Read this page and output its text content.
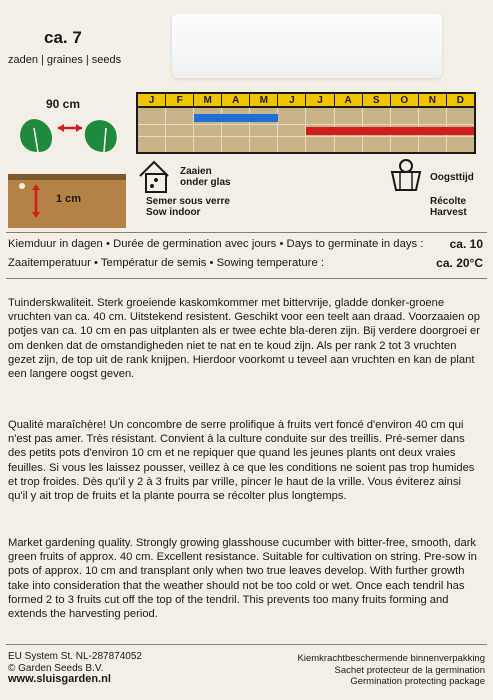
ca. 7
zaden | graines | seeds
90 cm
1 cm
J	F	M	A	M	J	J	A	S	O	N	D
Zaaien
onder glas
Semer sous verre
Sow indoor
Oogsttijd
Récolte
Harvest
Kiemduur in dagen • Durée de germination avec jours • Days to germinate in days : ca. 10
Zaaitemperatuur • Températur de semis • Sowing temperature :	ca. 20°C

Tuinderskwaliteit. Sterk groeiende kaskomkommer met bittervrije, gladde donker-groene vruchten van ca. 40 cm. Uitstekend resistent. Geschikt voor een teelt aan draad. Voorzaaien op potjes van ca. 10 cm en pas uitplanten als er twee echte bla-deren zijn. Bij verdere doorgroei er om denken dat de omstandigheden niet te nat en te koud zijn. Als per rank 2 tot 3 vruchten gezet zijn, de top uit de rank knijpen. Hierdoor voorkomt u teveel aan vruchten en kan de plant een langere oogst geven.
Qualité maraîchère! Un concombre de serre prolifique à fruits vert foncé d'environ 40 cm qui n'est pas amer. Très résistant. Convient à la culture conduite sur des treillis. Pré-semer dans des petits pots d'environ 10 cm et ne repiquer que quand les jeunes plants ont deux vraies feuilles. Si vous les laissez pousser, veillez à ce que les conditions ne soient pas trop humides et trop froides. Dès qu'il y 2 à 3 fruits par vrille, pincer le haut de la vrille. Vous éviterez ainsi qu'il y ait trop de fruits et la plante pourra se récolter plus longtemps.
Market gardening quality. Strongly growing glasshouse cucumber with bitter-free, smooth, dark green fruits of approx. 40 cm. Excellent resistance. Suitable for cultivation on string. Pre-sow in pots of approx. 10 cm and transplant only when two true leaves develop. With further growth take into consideration that the weather should not be too cold or wet. Once each tendril has formed 2 to 3 fruits cut off the top of the tendril. This prevents too many fruits forming and extends the harvesting period.
EU System St. NL-287874052
© Garden Seeds B.V.
www.sluisgarden.nl
Kiemkrachtbeschermende binnenverpakking
Sachet protecteur de la germination
Germination protecting package
